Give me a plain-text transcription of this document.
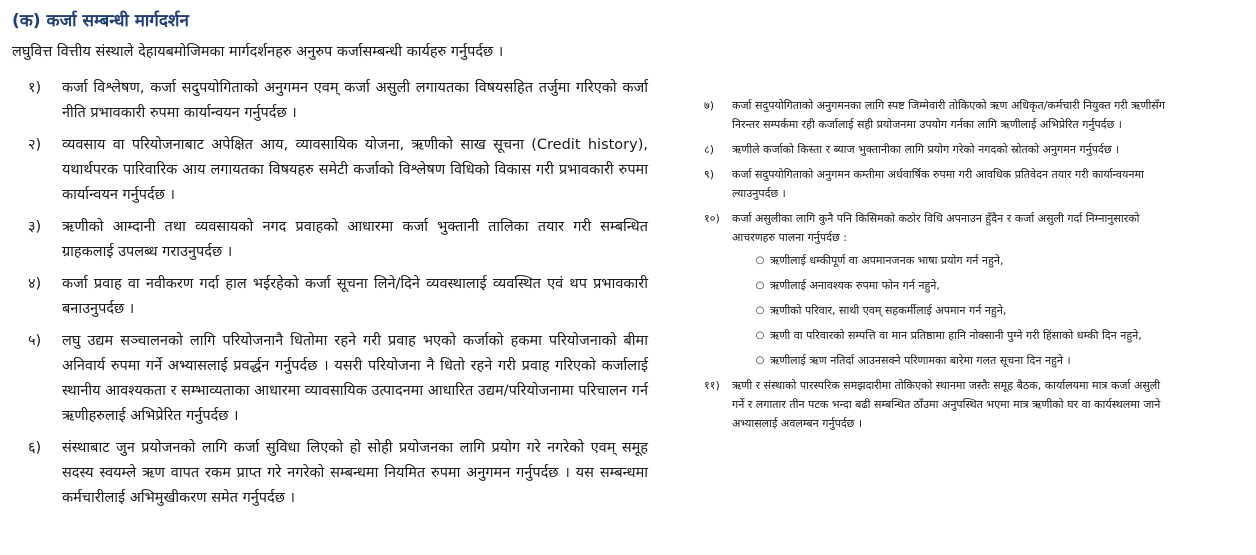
(क) कर्जा सम्बन्धी मार्गदर्शन
लघुवित्त वित्तीय संस्थाले देहायबमोजिमका मार्गदर्शनहरु अनुरुप कर्जासम्बन्धी कार्यहरु गर्नुपर्दछ ।
१)	कर्जा विश्लेषण, कर्जा सदुपयोगिताको अनुगमन एवम् कर्जा असुली लगायतका विषयसहित तर्जुमा गरिएको कर्जा नीति प्रभावकारी रुपमा कार्यान्वयन गर्नुपर्दछ ।
२)	व्यवसाय वा परियोजनाबाट अपेक्षित आय, व्यावसायिक योजना, ऋणीको साख सूचना (Credit history), यथार्थपरक पारिवारिक आय लगायतका विषयहरु समेटी कर्जाको विश्लेषण विधिको विकास गरी प्रभावकारी रुपमा कार्यान्वयन गर्नुपर्दछ ।
३)	ऋणीको आम्दानी तथा व्यवसायको नगद प्रवाहको आधारमा कर्जा भुक्तानी तालिका तयार गरी सम्बन्धित ग्राहकलाई उपलब्ध गराउनुपर्दछ ।
४)	कर्जा प्रवाह वा नवीकरण गर्दा हाल भईरहेको कर्जा सूचना लिने/दिने व्यवस्थालाई व्यवस्थित एवं थप प्रभावकारी बनाउनुपर्दछ ।
५)	लघु उद्यम सञ्चालनको लागि परियोजनानै धितोमा रहने गरी प्रवाह भएको कर्जाको हकमा परियोजनाको बीमा अनिवार्य रुपमा गर्ने अभ्यासलाई प्रवर्द्धन गर्नुपर्दछ । यसरी परियोजना नै धितो रहने गरी प्रवाह गरिएको कर्जालाई स्थानीय आवश्यकता र सम्भाव्यताका आधारमा व्यावसायिक उत्पादनमा आधारित उद्यम/परियोजनामा परिचालन गर्न ऋणीहरुलाई अभिप्रेरित गर्नुपर्दछ ।
६)	संस्थाबाट जुन प्रयोजनको लागि कर्जा सुविधा लिएको हो सोही प्रयोजनका लागि प्रयोग गरे नगरेको एवम् समूह सदस्य स्वयम्ले ऋण वापत रकम प्राप्त गरे नगरेको सम्बन्धमा नियमित रुपमा अनुगमन गर्नुपर्दछ । यस सम्बन्धमा कर्मचारीलाई अभिमुखीकरण समेत गर्नुपर्दछ ।
७)	कर्जा सदुपयोगिताको अनुगमनका लागि स्पष्ट जिम्मेवारी तोकिएको ऋण अधिकृत/कर्मचारी नियुक्त गरी ऋणीसँग निरन्तर सम्पर्कमा रही कर्जालाई सही प्रयोजनमा उपयोग गर्नका लागि ऋणीलाई अभिप्रेरित गर्नुपर्दछ ।
८)	ऋणीले कर्जाको किस्ता र ब्याज भुक्तानीका लागि प्रयोग गरेको नगदको स्रोतको अनुगमन गर्नुपर्दछ ।
९)	कर्जा सदुपयोगिताको अनुगमन कम्तीमा अर्धवार्षिक रुपमा गरी आवधिक प्रतिवेदन तयार गरी कार्यान्वयनमा ल्याउनुपर्दछ ।
१०)	कर्जा असुलीका लागि कुनै पनि किसिमको कठोर विधि अपनाउन हुँदैन र कर्जा असुली गर्दा निम्नानुसारको आचरणहरु पालना गर्नुपर्दछ :
○ ऋणीलाई धम्कीपूर्ण वा अपमानजनक भाषा प्रयोग गर्न नहुने,
○ ऋणीलाई अनावश्यक रुपमा फोन गर्न नहुने,
○ ऋणीको परिवार, साथी एवम् सहकर्मीलाई अपमान गर्न नहुने,
○ ऋणी वा परिवारको सम्पत्ति वा मान प्रतिष्ठामा हानि नोक्सानी पुग्ने गरी हिंसाको धम्की दिन नहुने,
○ ऋणीलाई ऋण नतिर्दा आउनसक्ने परिणामका बारेमा गलत सूचना दिन नहुने ।
११)	ऋणी र संस्थाको पारस्परिक समझदारीमा तोकिएको स्थानमा जस्तैः समूह बैठक, कार्यालयमा मात्र कर्जा असुली गर्ने र लगातार तीन पटक भन्दा बढी सम्बन्धित ठाँउमा अनुपस्थित भएमा मात्र ऋणीको घर वा कार्यस्थलमा जाने अभ्यासलाई अवलम्बन गर्नुपर्दछ ।
